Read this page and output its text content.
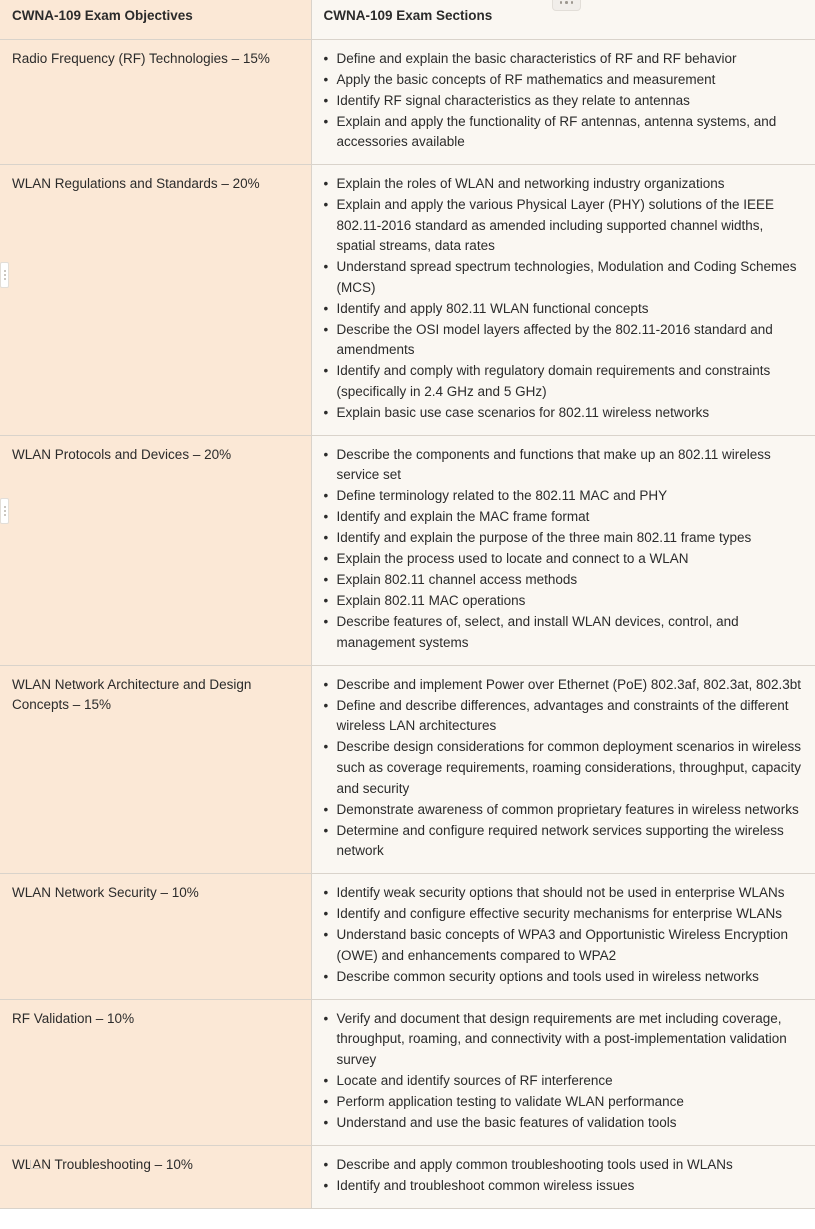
CWNA-109 Exam Objectives	CWNA-109 Exam Sections
Radio Frequency (RF) Technologies – 15%	
•Define and explain the basic characteristics of RF and RF behavior
• Apply the basic concepts of RF mathematics and measurement
• Identify RF signal characteristics as they relate to antennas
• Explain and apply the functionality of RF antennas, antenna systems, and accessories available

WLAN Regulations and Standards – 20%	
•Explain the roles of WLAN and networking industry organizations
• Explain and apply the various Physical Layer (PHY) solutions of the IEEE 802.11-2016 standard as amended including supported channel widths, spatial streams, data rates
• Understand spread spectrum technologies, Modulation and Coding Schemes (MCS)
• Identify and apply 802.11 WLAN functional concepts
• Describe the OSI model layers affected by the 802.11-2016 standard and amendments
• Identify and comply with regulatory domain requirements and constraints (specifically in 2.4 GHz and 5 GHz)
• Explain basic use case scenarios for 802.11 wireless networks

WLAN Protocols and Devices – 20%	
•Describe the components and functions that make up an 802.11 wireless service set
• Define terminology related to the 802.11 MAC and PHY
• Identify and explain the MAC frame format
• Identify and explain the purpose of the three main 802.11 frame types
• Explain the process used to locate and connect to a WLAN
• Explain 802.11 channel access methods
• Explain 802.11 MAC operations
• Describe features of, select, and install WLAN devices, control, and management systems

WLAN Network Architecture and Design Concepts – 15%	
• Describe and implement Power over Ethernet (PoE) 802.3af, 802.3at, 802.3bt
• Define and describe differences, advantages and constraints of the different wireless LAN architectures
• Describe design considerations for common deployment scenarios in wireless such as coverage requirements, roaming considerations, throughput, capacity and security
• Demonstrate awareness of common proprietary features in wireless networks
• Determine and configure required network services supporting the wireless network

WLAN Network Security – 10%	
•Identify weak security options that should not be used in enterprise WLANs
• Identify and configure effective security mechanisms for enterprise WLANs
• Understand basic concepts of WPA3 and Opportunistic Wireless Encryption (OWE) and enhancements compared to WPA2
• Describe common security options and tools used in wireless networks

RF Validation – 10%	
•Verify and document that design requirements are met including coverage, throughput, roaming, and connectivity with a post-implementation validation survey
• Locate and identify sources of RF interference
• Perform application testing to validate WLAN performance
• Understand and use the basic features of validation tools

WLAN Troubleshooting – 10%	
•Describe and apply common troubleshooting tools used in WLANs
• Identify and troubleshoot common wireless issues
